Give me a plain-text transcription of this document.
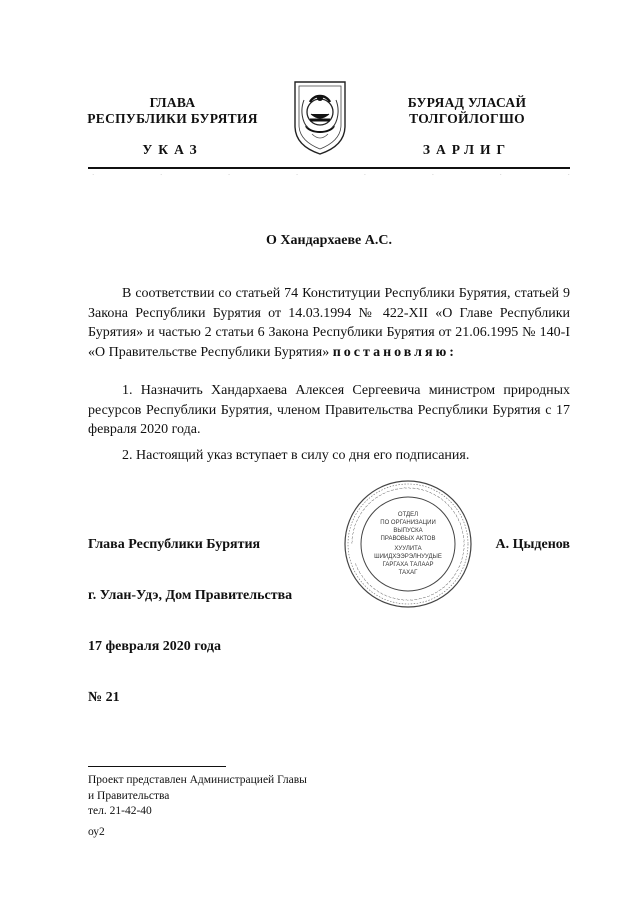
ГЛАВА
РЕСПУБЛИКИ БУРЯТИЯ
БУРЯАД УЛАСАЙ
ТОЛГОЙЛОГШО
УКАЗ	ЗАРЛИГ
·	·	·	·	·	·	·	·
О Хандархаеве А.С.
В соответствии со статьей 74 Конституции Республики Бурятия, статьей 9 Закона Республики Бурятия от 14.03.1994 № 422-XII «О Главе Республики Бурятия» и частью 2 статьи 6 Закона Республики Бурятия от 21.06.1995 № 140-I «О Правительстве Республики Бурятия» постановляю:
1. Назначить Хандархаева Алексея Сергеевича министром природных ресурсов Республики Бурятия, членом Правительства Республики Бурятия с 17 февраля 2020 года.
2. Настоящий указ вступает в силу со дня его подписания.
~~~~~~~~~~~~~~~~~~~~~~~~~~~~~~~~~~~~~~~~~~~~~~~~~~~~~~~~~~~~~~~~~~~~~~~~~~~~
ОТДЕЛ
ПО ОРГАНИЗАЦИИ
ВЫПУСКА
ПРАВОВЫХ АКТОВ
ХУУЛИТА
ШИИДХЭЭРЭЛНУУДЫЕ
ГАРГАХА ТАЛААР
ТАХАГ
Глава Республики Бурятия	А. Цыденов
г. Улан-Удэ, Дом Правительства
17 февраля 2020 года
№ 21
Проект представлен Администрацией Главы
и Правительства
тел. 21-42-40
оу2
